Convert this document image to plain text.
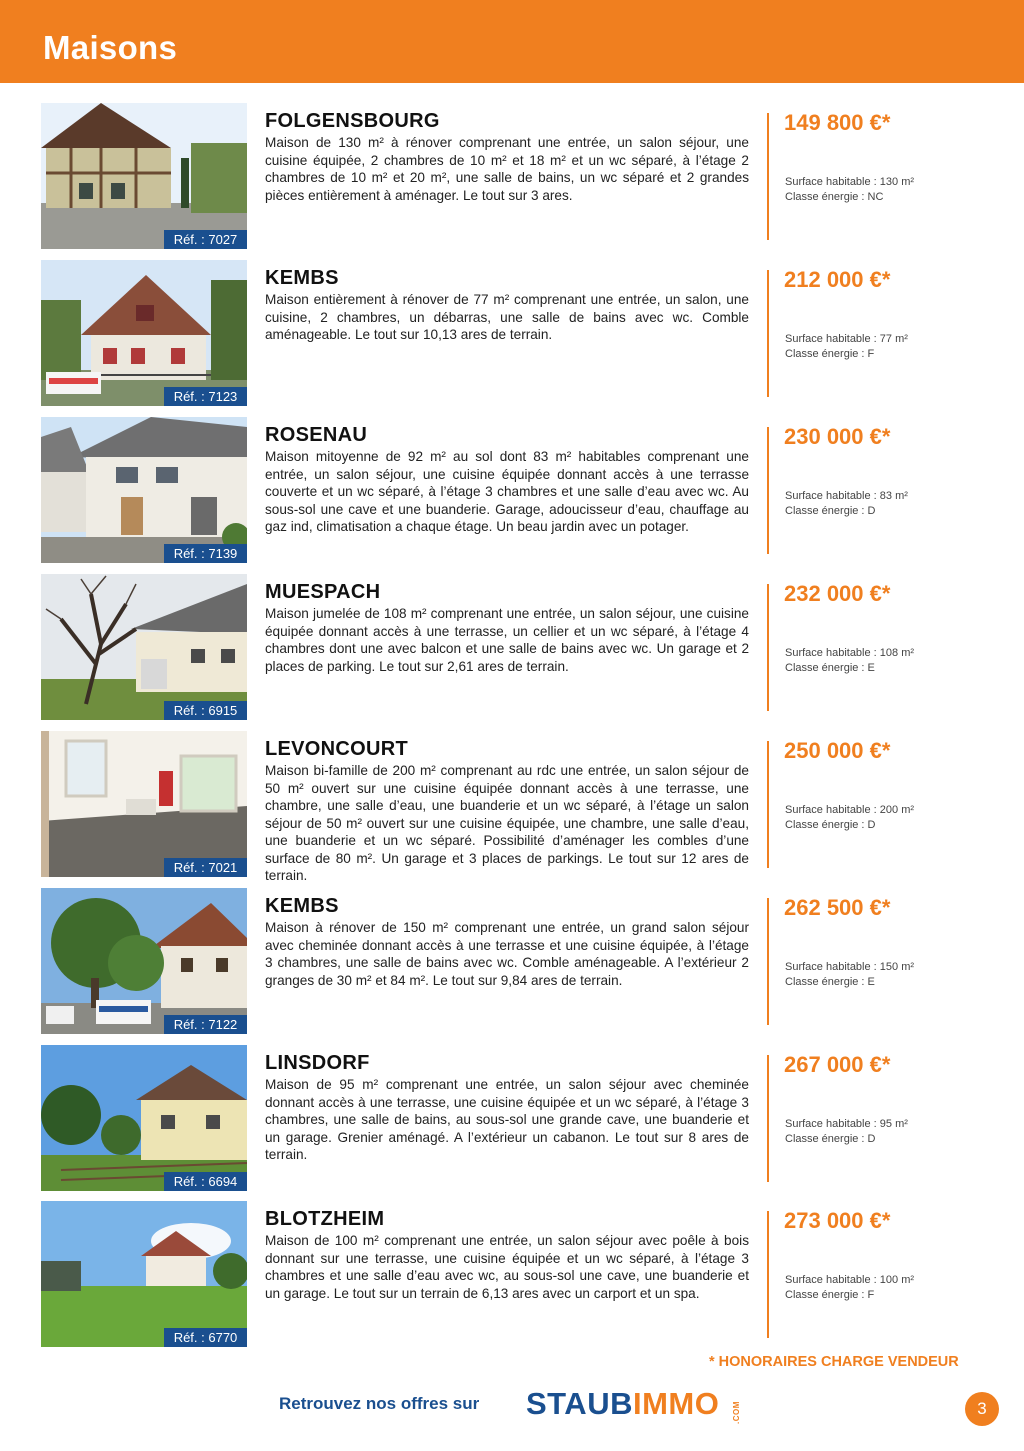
Maisons
Réf. : 7027
FOLGENSBOURG
Maison de 130 m² à rénover comprenant une entrée, un salon séjour, une cuisine équipée, 2 chambres de 10 m² et 18 m² et un wc séparé, à l’étage 2 chambres de 10 m² et 20 m², une salle de bains, un wc séparé et 2 grandes pièces entièrement à aménager. Le tout sur 3 ares.
149 800 €*
Surface habitable : 130 m²
Classe énergie : NC
Réf. : 7123
KEMBS
Maison entièrement à rénover de 77 m² comprenant une entrée, un salon, une cuisine, 2 chambres, un débarras, une salle de bains avec wc. Comble aménageable. Le tout sur 10,13 ares de terrain.
212 000 €*
Surface habitable : 77 m²
Classe énergie : F
Réf. : 7139
ROSENAU
Maison mitoyenne de 92 m² au sol dont 83 m² habitables comprenant une entrée, un salon séjour, une cuisine équipée donnant accès à une terrasse couverte et un wc séparé, à l’étage 3 chambres et une salle d’eau avec wc. Au sous-sol une cave et une buanderie. Garage, adoucisseur d’eau, chauffage au gaz ind, climatisation a chaque étage. Un beau jardin avec un potager.
230 000 €*
Surface habitable : 83 m²
Classe énergie : D
Réf. : 6915
MUESPACH
Maison jumelée de 108 m² comprenant une entrée, un salon séjour, une cuisine équipée donnant accès à une terrasse, un cellier et un wc séparé, à l’étage 4 chambres dont une avec balcon et une salle de bains avec wc. Un garage et 2 places de parking. Le tout sur 2,61 ares de terrain.
232 000 €*
Surface habitable : 108 m²
Classe énergie : E
Réf. : 7021
LEVONCOURT
Maison bi-famille de 200 m² comprenant au rdc une entrée, un salon séjour de 50 m² ouvert sur une cuisine équipée donnant accès à une terrasse, une chambre, une salle d’eau, une buanderie et un wc séparé, à l’étage un salon séjour de 50 m² ouvert sur une cuisine équipée, une chambre, une salle d’eau, une buanderie et un wc séparé. Possibilité d’aménager les combles d’une surface de 80 m². Un garage et 3 places de parkings. Le tout sur 12 ares de terrain.
250 000 €*
Surface habitable : 200 m²
Classe énergie : D
Réf. : 7122
KEMBS
Maison à rénover de 150 m² comprenant une entrée, un grand salon séjour avec cheminée donnant accès à une terrasse et une cuisine équipée, à l’étage 3 chambres, une salle de bains avec wc. Comble aménageable. A l’extérieur 2 granges de 30 m² et 84 m². Le tout sur 9,84 ares de terrain.
262 500 €*
Surface habitable : 150 m²
Classe énergie : E
Réf. : 6694
LINSDORF
Maison de 95 m² comprenant une entrée, un salon séjour avec cheminée donnant accès à une terrasse, une cuisine équipée et un wc séparé, à l’étage 3 chambres, une salle de bains, au sous-sol une grande cave, une buanderie et un garage. Grenier aménagé. A l’extérieur un cabanon. Le tout sur 8 ares de terrain.
267 000 €*
Surface habitable : 95 m²
Classe énergie : D
Réf. : 6770
BLOTZHEIM
Maison de 100 m² comprenant une entrée, un salon séjour avec poêle à bois donnant sur une terrasse, une cuisine équipée et un wc séparé, à l’étage 3 chambres et une salle d’eau avec wc, au sous-sol une cave, une buanderie et un garage. Le tout sur un terrain de 6,13 ares avec un carport et un spa.
273 000 €*
Surface habitable : 100 m²
Classe énergie : F
* HONORAIRES CHARGE VENDEUR
Retrouvez nos offres sur STAUBIMMO	.COM	3
